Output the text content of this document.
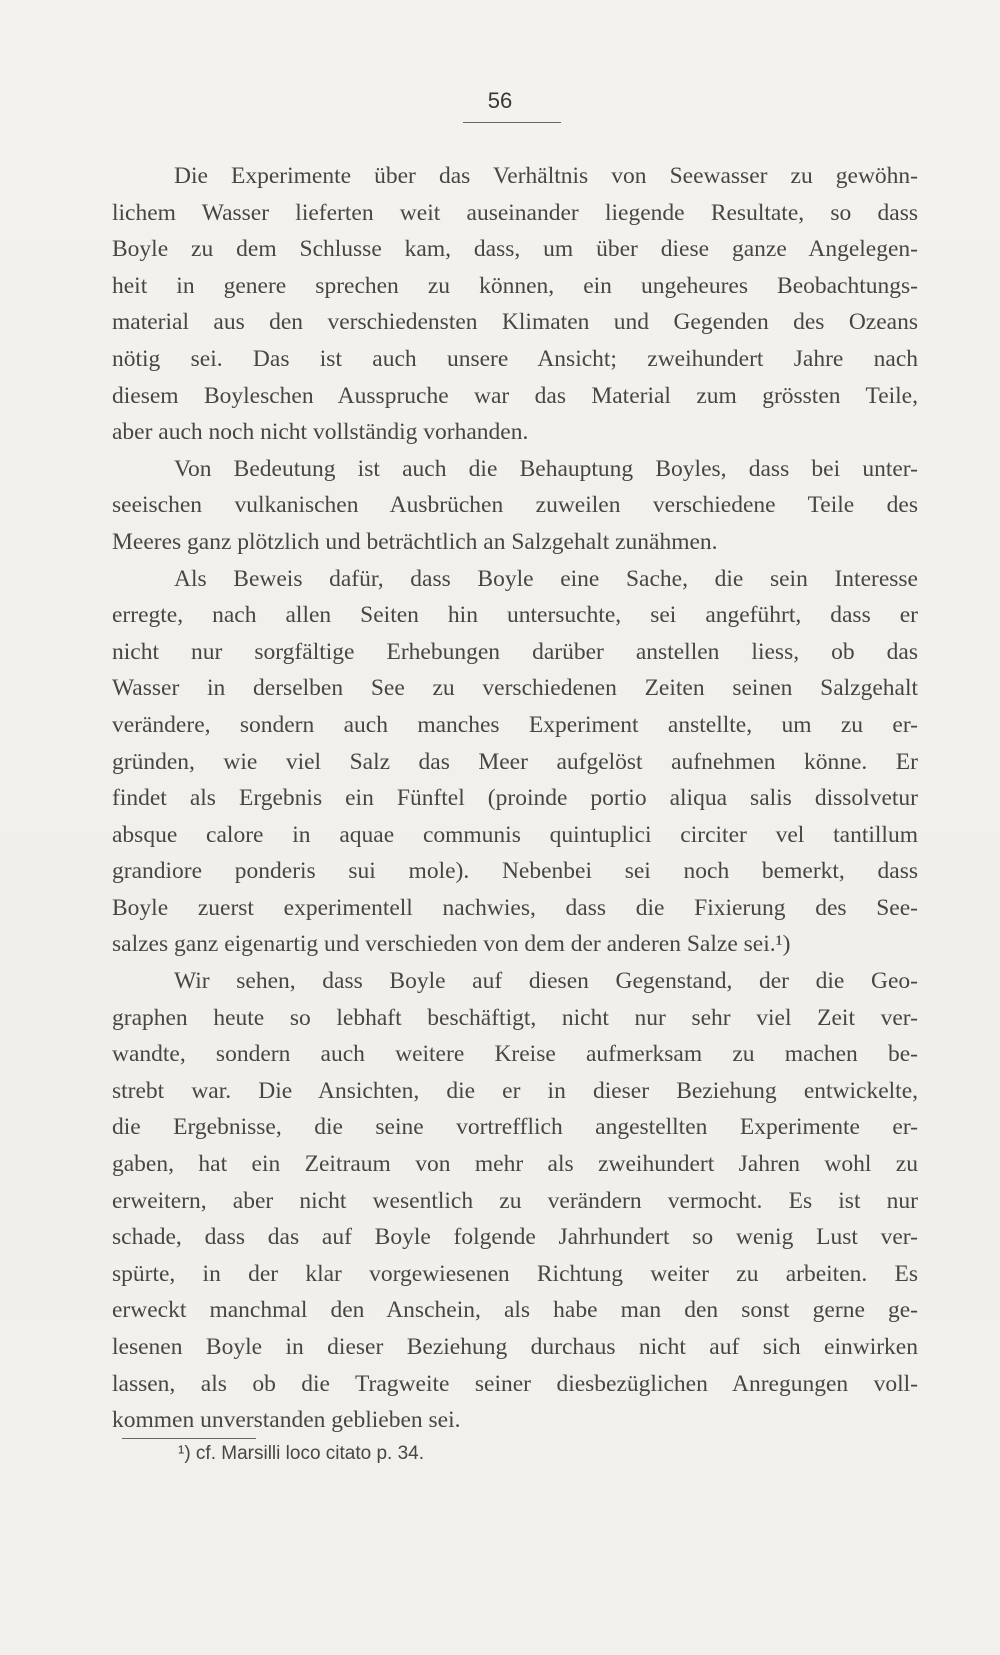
56
Die Experimente über das Verhältnis von Seewasser zu gewöhn-
lichem Wasser lieferten weit auseinander liegende Resultate, so dass
Boyle zu dem Schlusse kam, dass, um über diese ganze Angelegen-
heit in genere sprechen zu können, ein ungeheures Beobachtungs-
material aus den verschiedensten Klimaten und Gegenden des Ozeans
nötig sei. Das ist auch unsere Ansicht; zweihundert Jahre nach
diesem Boyleschen Ausspruche war das Material zum grössten Teile,
aber auch noch nicht vollständig vorhanden.
Von Bedeutung ist auch die Behauptung Boyles, dass bei unter-
seeischen vulkanischen Ausbrüchen zuweilen verschiedene Teile des
Meeres ganz plötzlich und beträchtlich an Salzgehalt zunähmen.
Als Beweis dafür, dass Boyle eine Sache, die sein Interesse
erregte, nach allen Seiten hin untersuchte, sei angeführt, dass er
nicht nur sorgfältige Erhebungen darüber anstellen liess, ob das
Wasser in derselben See zu verschiedenen Zeiten seinen Salzgehalt
verändere, sondern auch manches Experiment anstellte, um zu er-
gründen, wie viel Salz das Meer aufgelöst aufnehmen könne. Er
findet als Ergebnis ein Fünftel (proinde portio aliqua salis dissolvetur
absque calore in aquae communis quintuplici circiter vel tantillum
grandiore ponderis sui mole). Nebenbei sei noch bemerkt, dass
Boyle zuerst experimentell nachwies, dass die Fixierung des See-
salzes ganz eigenartig und verschieden von dem der anderen Salze sei.¹)
Wir sehen, dass Boyle auf diesen Gegenstand, der die Geo-
graphen heute so lebhaft beschäftigt, nicht nur sehr viel Zeit ver-
wandte, sondern auch weitere Kreise aufmerksam zu machen be-
strebt war. Die Ansichten, die er in dieser Beziehung entwickelte,
die Ergebnisse, die seine vortrefflich angestellten Experimente er-
gaben, hat ein Zeitraum von mehr als zweihundert Jahren wohl zu
erweitern, aber nicht wesentlich zu verändern vermocht. Es ist nur
schade, dass das auf Boyle folgende Jahrhundert so wenig Lust ver-
spürte, in der klar vorgewiesenen Richtung weiter zu arbeiten. Es
erweckt manchmal den Anschein, als habe man den sonst gerne ge-
lesenen Boyle in dieser Beziehung durchaus nicht auf sich einwirken
lassen, als ob die Tragweite seiner diesbezüglichen Anregungen voll-
kommen unverstanden geblieben sei.
¹) cf. Marsilli loco citato p. 34.
